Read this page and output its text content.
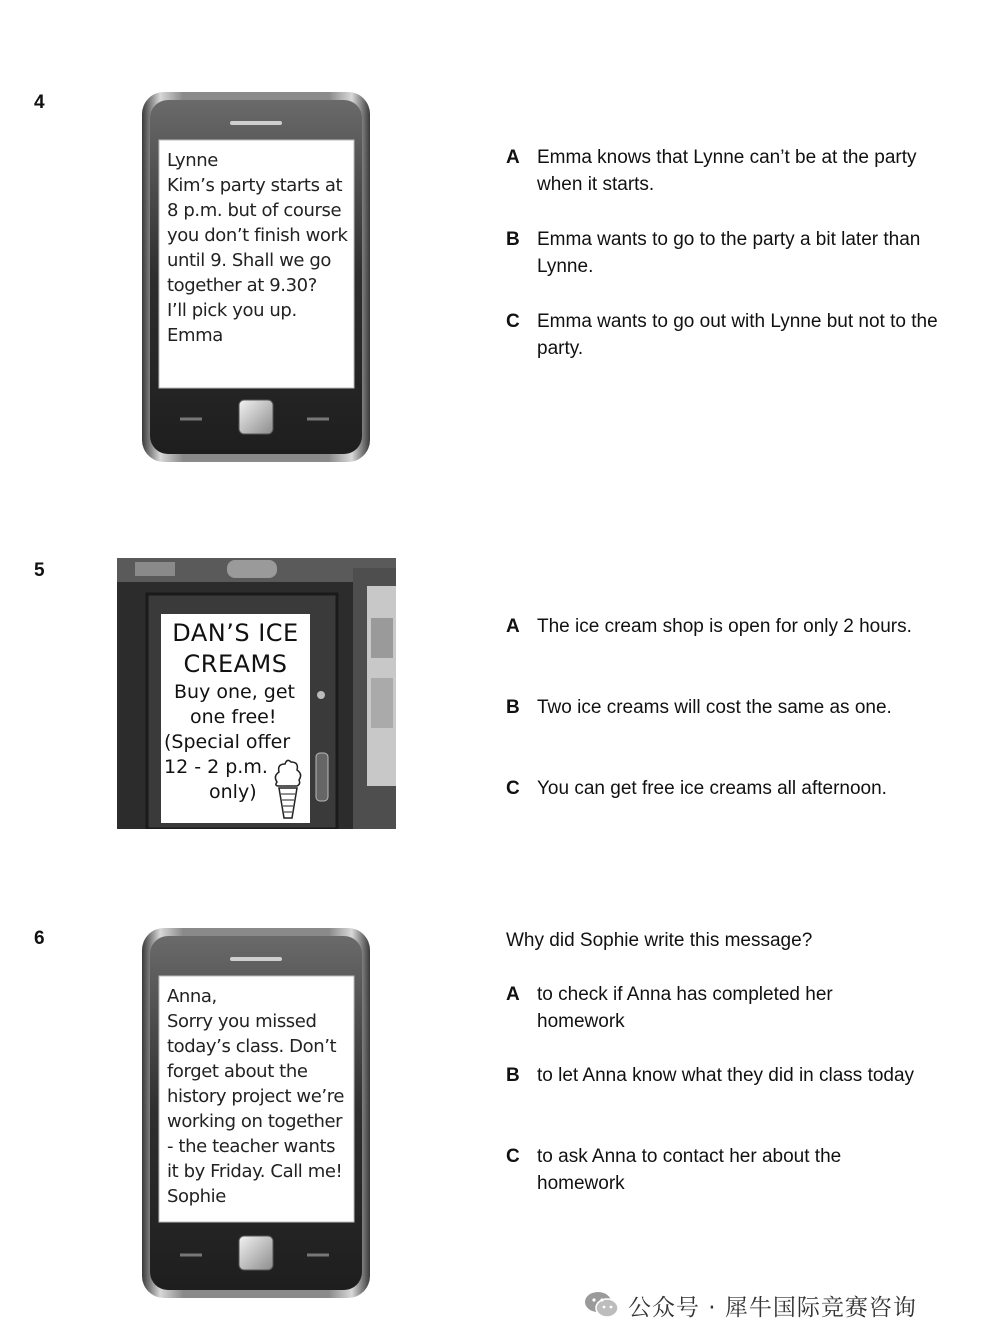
4
Lynne
Kim’s party starts at
8 p.m. but of course
you don’t finish work
until 9. Shall we go
together at 9.30?
I’ll pick you up.
Emma
A Emma knows that Lynne can’t be at the party when it starts.
B Emma wants to go to the party a bit later than Lynne.
C Emma wants to go out with Lynne but not to the party.
5
DAN’S ICE
CREAMS
Buy one, get
one free!
(Special offer
12 - 2 p.m.
only)
A The ice cream shop is open for only 2 hours.
B Two ice creams will cost the same as one.
C You can get free ice creams all afternoon.
6
Anna,
Sorry you missed
today’s class. Don’t
forget about the
history project we’re
working on together
- the teacher wants
it by Friday. Call me!
Sophie
Why did Sophie write this message?
A to check if Anna has completed her homework
B to let Anna know what they did in class today
C to ask Anna to contact her about the homework
公众号 · 犀牛国际竞赛咨询
